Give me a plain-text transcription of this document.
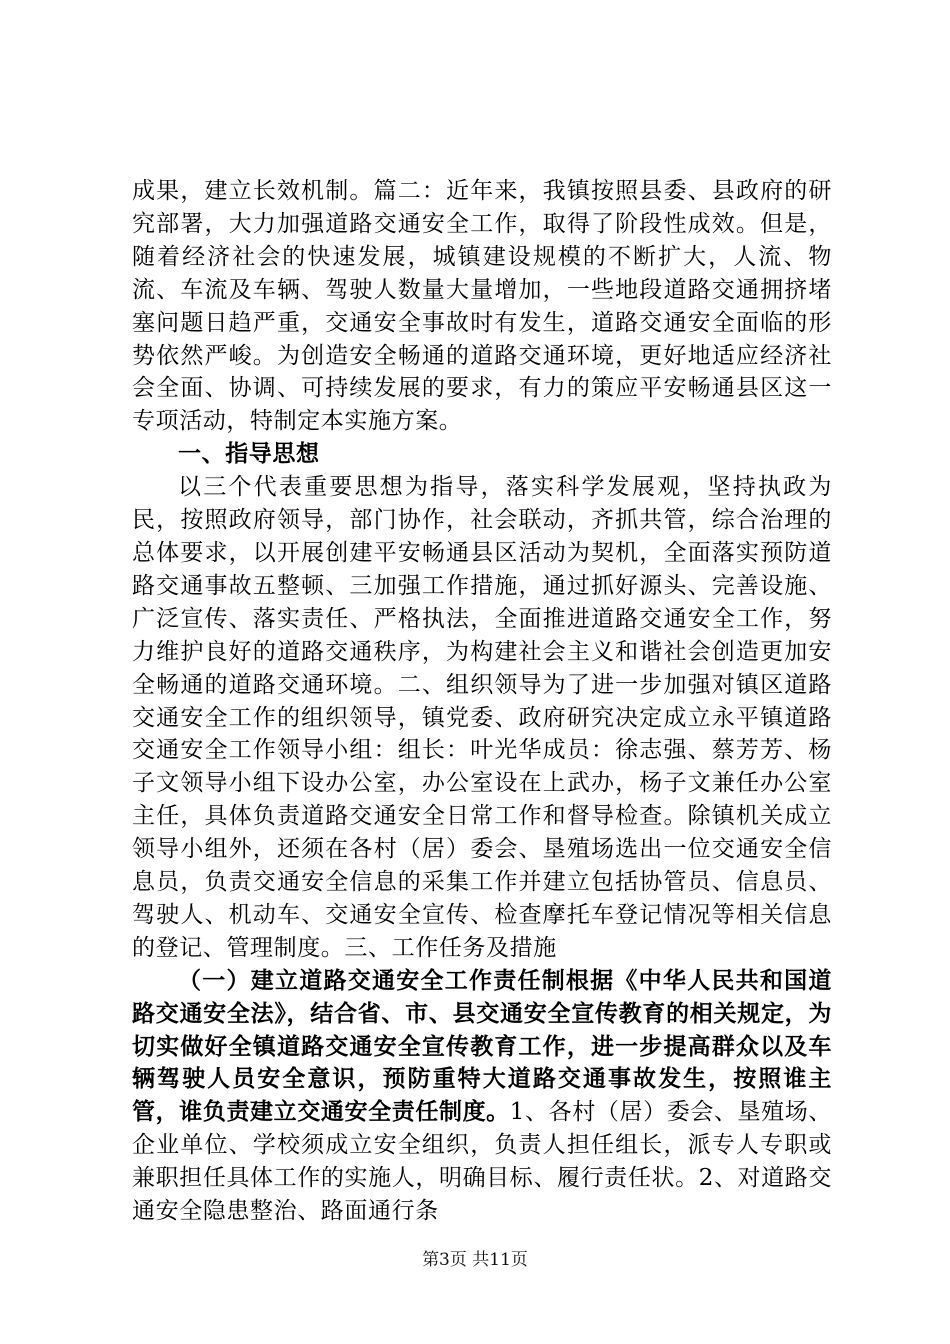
成果，建立长效机制。篇二：近年来，我镇按照县委、县政府的研究部署，大力加强道路交通安全工作，取得了阶段性成效。但是，随着经济社会的快速发展，城镇建设规模的不断扩大，人流、物流、车流及车辆、驾驶人数量大量增加，一些地段道路交通拥挤堵塞问题日趋严重，交通安全事故时有发生，道路交通安全面临的形势依然严峻。为创造安全畅通的道路交通环境，更好地适应经济社会全面、协调、可持续发展的要求，有力的策应平安畅通县区这一专项活动，特制定本实施方案。

一、指导思想

以三个代表重要思想为指导，落实科学发展观，坚持执政为民，按照政府领导，部门协作，社会联动，齐抓共管，综合治理的总体要求，以开展创建平安畅通县区活动为契机，全面落实预防道路交通事故五整顿、三加强工作措施，通过抓好源头、完善设施、广泛宣传、落实责任、严格执法，全面推进道路交通安全工作，努力维护良好的道路交通秩序，为构建社会主义和谐社会创造更加安全畅通的道路交通环境。二、组织领导为了进一步加强对镇区道路交通安全工作的组织领导，镇党委、政府研究决定成立永平镇道路交通安全工作领导小组：组长：叶光华成员：徐志强、蔡芳芳、杨子文领导小组下设办公室，办公室设在上武办，杨子文兼任办公室主任，具体负责道路交通安全日常工作和督导检查。除镇机关成立领导小组外，还须在各村（居）委会、垦殖场选出一位交通安全信息员，负责交通安全信息的采集工作并建立包括协管员、信息员、驾驶人、机动车、交通安全宣传、检查摩托车登记情况等相关信息的登记、管理制度。三、工作任务及措施

（一）建立道路交通安全工作责任制根据《中华人民共和国道路交通安全法》，结合省、市、县交通安全宣传教育的相关规定，为切实做好全镇道路交通安全宣传教育工作，进一步提高群众以及车辆驾驶人员安全意识，预防重特大道路交通事故发生，按照谁主管，谁负责建立交通安全责任制度。1、各村（居）委会、垦殖场、企业单位、学校须成立安全组织，负责人担任组长，派专人专职或兼职担任具体工作的实施人，明确目标、履行责任状。2、对道路交通安全隐患整治、路面通行条

第3页 共11页
